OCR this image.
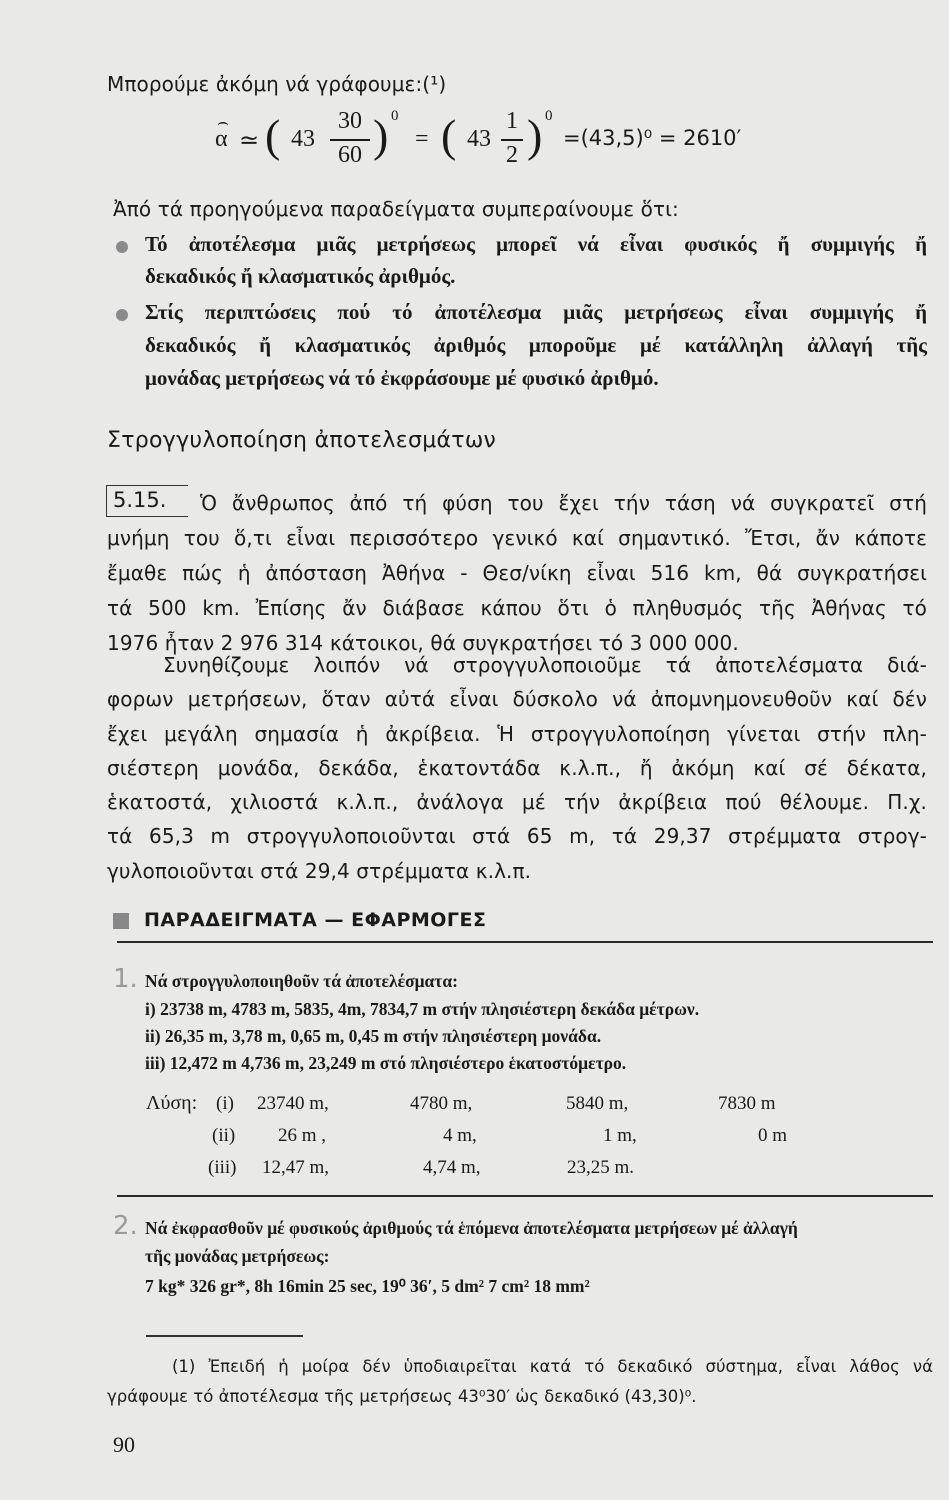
Μπορούμε ἀκόμη νά γράφουμε:(¹)
⌢
α ≃ ( 43
30
60 ) 0
= ( 43
1
2 ) 0
=(43,5)⁰ = 2610′
Ἀπό τά προηγούμενα παραδείγματα συμπεραίνουμε ὅτι:
Τό ἀποτέλεσμα μιᾶς μετρήσεως μπορεῖ νά εἶναι φυσικός ἤ συμμιγής ἤ
δεκαδικός ἤ κλασματικός ἀριθμός.
Στίς περιπτώσεις πού τό ἀποτέλεσμα μιᾶς μετρήσεως εἶναι συμμιγής ἤ
δεκαδικός ἤ κλασματικός ἀριθμός μποροῦμε μέ κατάλληλη ἀλλαγή τῆς
μονάδας μετρήσεως νά τό ἐκφράσουμε μέ φυσικό ἀριθμό.
Στρογγυλοποίηση ἀποτελεσμάτων
5.15.	Ὁ ἄνθρωπος ἀπό τή φύση του ἔχει τήν τάση νά συγκρατεῖ στή
μνήμη του ὅ,τι εἶναι περισσότερο γενικό καί σημαντικό. Ἔτσι, ἄν κάποτε
ἔμαθε πώς ἡ ἀπόσταση Ἀθήνα - Θεσ/νίκη εἶναι 516 km, θά συγκρατήσει
τά 500 km. Ἐπίσης ἄν διάβασε κάπου ὅτι ὁ πληθυσμός τῆς Ἀθήνας τό
1976 ἦταν 2 976 314 κάτοικοι, θά συγκρατήσει τό 3 000 000.
Συνηθίζουμε λοιπόν νά στρογγυλοποιοῦμε τά ἀποτελέσματα διά-
φορων μετρήσεων, ὅταν αὐτά εἶναι δύσκολο νά ἀπομνημονευθοῦν καί δέν
ἔχει μεγάλη σημασία ἡ ἀκρίβεια. Ἡ στρογγυλοποίηση γίνεται στήν πλη-
σιέστερη μονάδα, δεκάδα, ἑκατοντάδα κ.λ.π., ἤ ἀκόμη καί σέ δέκατα,
ἑκατοστά, χιλιοστά κ.λ.π., ἀνάλογα μέ τήν ἀκρίβεια πού θέλουμε. Π.χ.
τά 65,3 m στρογγυλοποιοῦνται στά 65 m, τά 29,37 στρέμματα στρογ-
γυλοποιοῦνται στά 29,4 στρέμματα κ.λ.π.
ΠΑΡΑΔΕΙΓΜΑΤΑ — ΕΦΑΡΜΟΓΕΣ
1. Νά στρογγυλοποιηθοῦν τά ἀποτελέσματα:
i) 23738 m, 4783 m, 5835, 4m, 7834,7 m στήν πλησιέστερη δεκάδα μέτρων.
ii) 26,35 m, 3,78 m, 0,65 m, 0,45 m στήν πλησιέστερη μονάδα.
iii) 12,472 m 4,736 m, 23,249 m στό πλησιέστερο ἑκατοστόμετρο.
Λύση: (i) 23740 m,	4780 m,	5840 m,	7830 m
(ii) 26 m ,	4 m,	1 m,	0 m
(iii) 12,47 m,	4,74 m,	23,25 m.
2. Νά ἐκφρασθοῦν μέ φυσικούς ἀριθμούς τά ἑπόμενα ἀποτελέσματα μετρήσεων μέ ἀλλαγή
τῆς μονάδας μετρήσεως:
7 kg* 326 gr*, 8h 16min 25 sec, 19⁰ 36′, 5 dm² 7 cm² 18 mm²
(1) Ἐπειδή ἡ μοίρα δέν ὑποδιαιρεῖται κατά τό δεκαδικό σύστημα, εἶναι λάθος νά
γράφουμε τό ἀποτέλεσμα τῆς μετρήσεως 43⁰30′ ὡς δεκαδικό (43,30)⁰.
90
